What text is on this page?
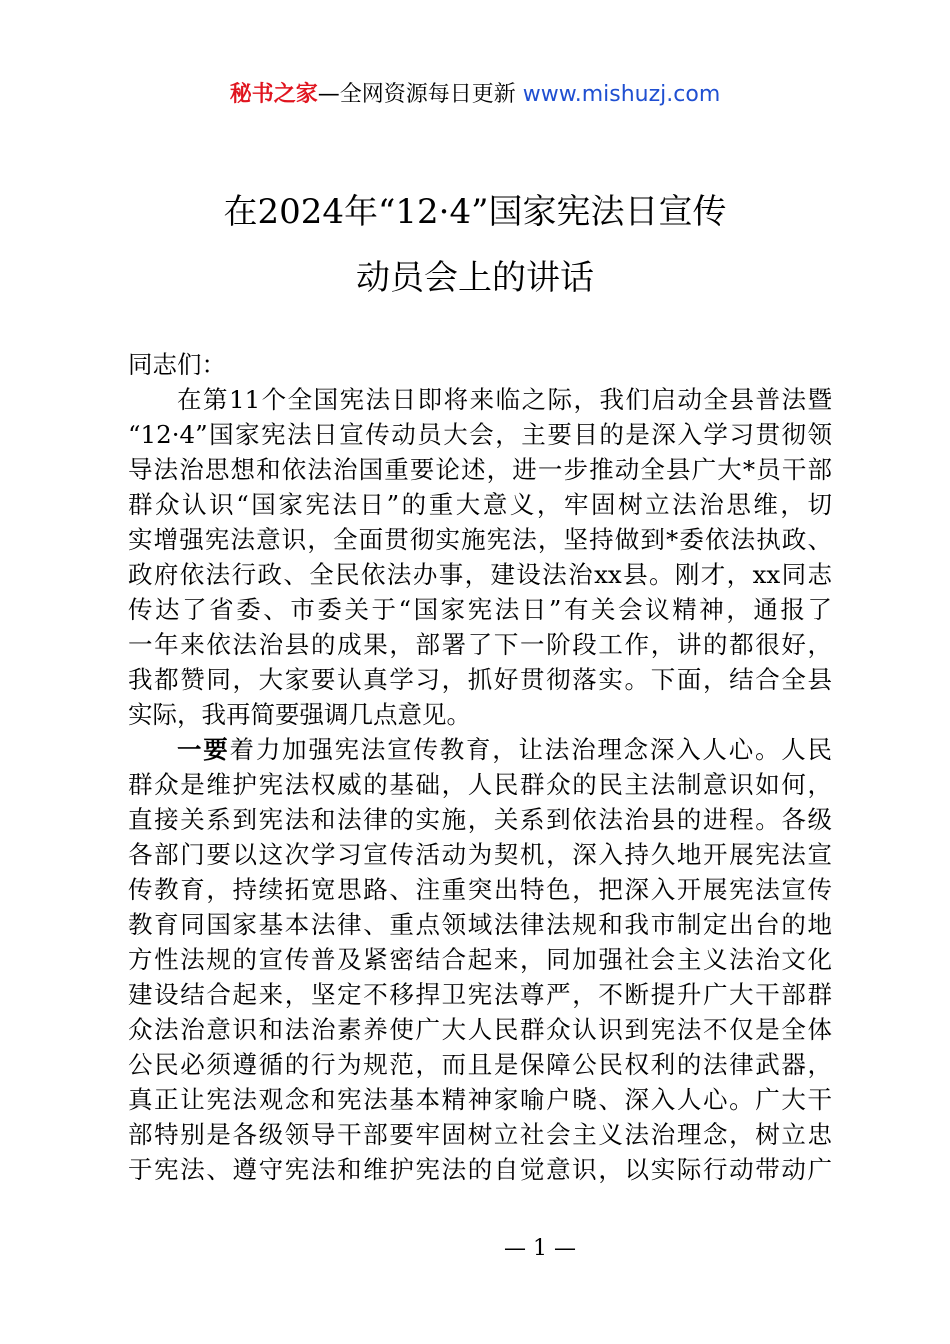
秘书之家—全网资源每日更新 www.mishuzj.com
在2024年“12·4”国家宪法日宣传
动员会上的讲话
同志们：
在第11个全国宪法日即将来临之际，我们启动全县普法暨
“12·4”国家宪法日宣传动员大会，主要目的是深入学习贯彻领
导法治思想和依法治国重要论述，进一步推动全县广大*员干部
群众认识“国家宪法日”的重大意义，牢固树立法治思维，切
实增强宪法意识，全面贯彻实施宪法，坚持做到*委依法执政、
政府依法行政、全民依法办事，建设法治xx县。刚才，xx同志
传达了省委、市委关于“国家宪法日”有关会议精神，通报了
一年来依法治县的成果，部署了下一阶段工作，讲的都很好，
我都赞同，大家要认真学习，抓好贯彻落实。下面，结合全县
实际，我再简要强调几点意见。
一要着力加强宪法宣传教育，让法治理念深入人心。人民
群众是维护宪法权威的基础，人民群众的民主法制意识如何，
直接关系到宪法和法律的实施，关系到依法治县的进程。各级
各部门要以这次学习宣传活动为契机，深入持久地开展宪法宣
传教育，持续拓宽思路、注重突出特色，把深入开展宪法宣传
教育同国家基本法律、重点领域法律法规和我市制定出台的地
方性法规的宣传普及紧密结合起来，同加强社会主义法治文化
建设结合起来，坚定不移捍卫宪法尊严，不断提升广大干部群
众法治意识和法治素养使广大人民群众认识到宪法不仅是全体
公民必须遵循的行为规范，而且是保障公民权利的法律武器，
真正让宪法观念和宪法基本精神家喻户晓、深入人心。广大干
部特别是各级领导干部要牢固树立社会主义法治理念，树立忠
于宪法、遵守宪法和维护宪法的自觉意识，以实际行动带动广
— 1 —
